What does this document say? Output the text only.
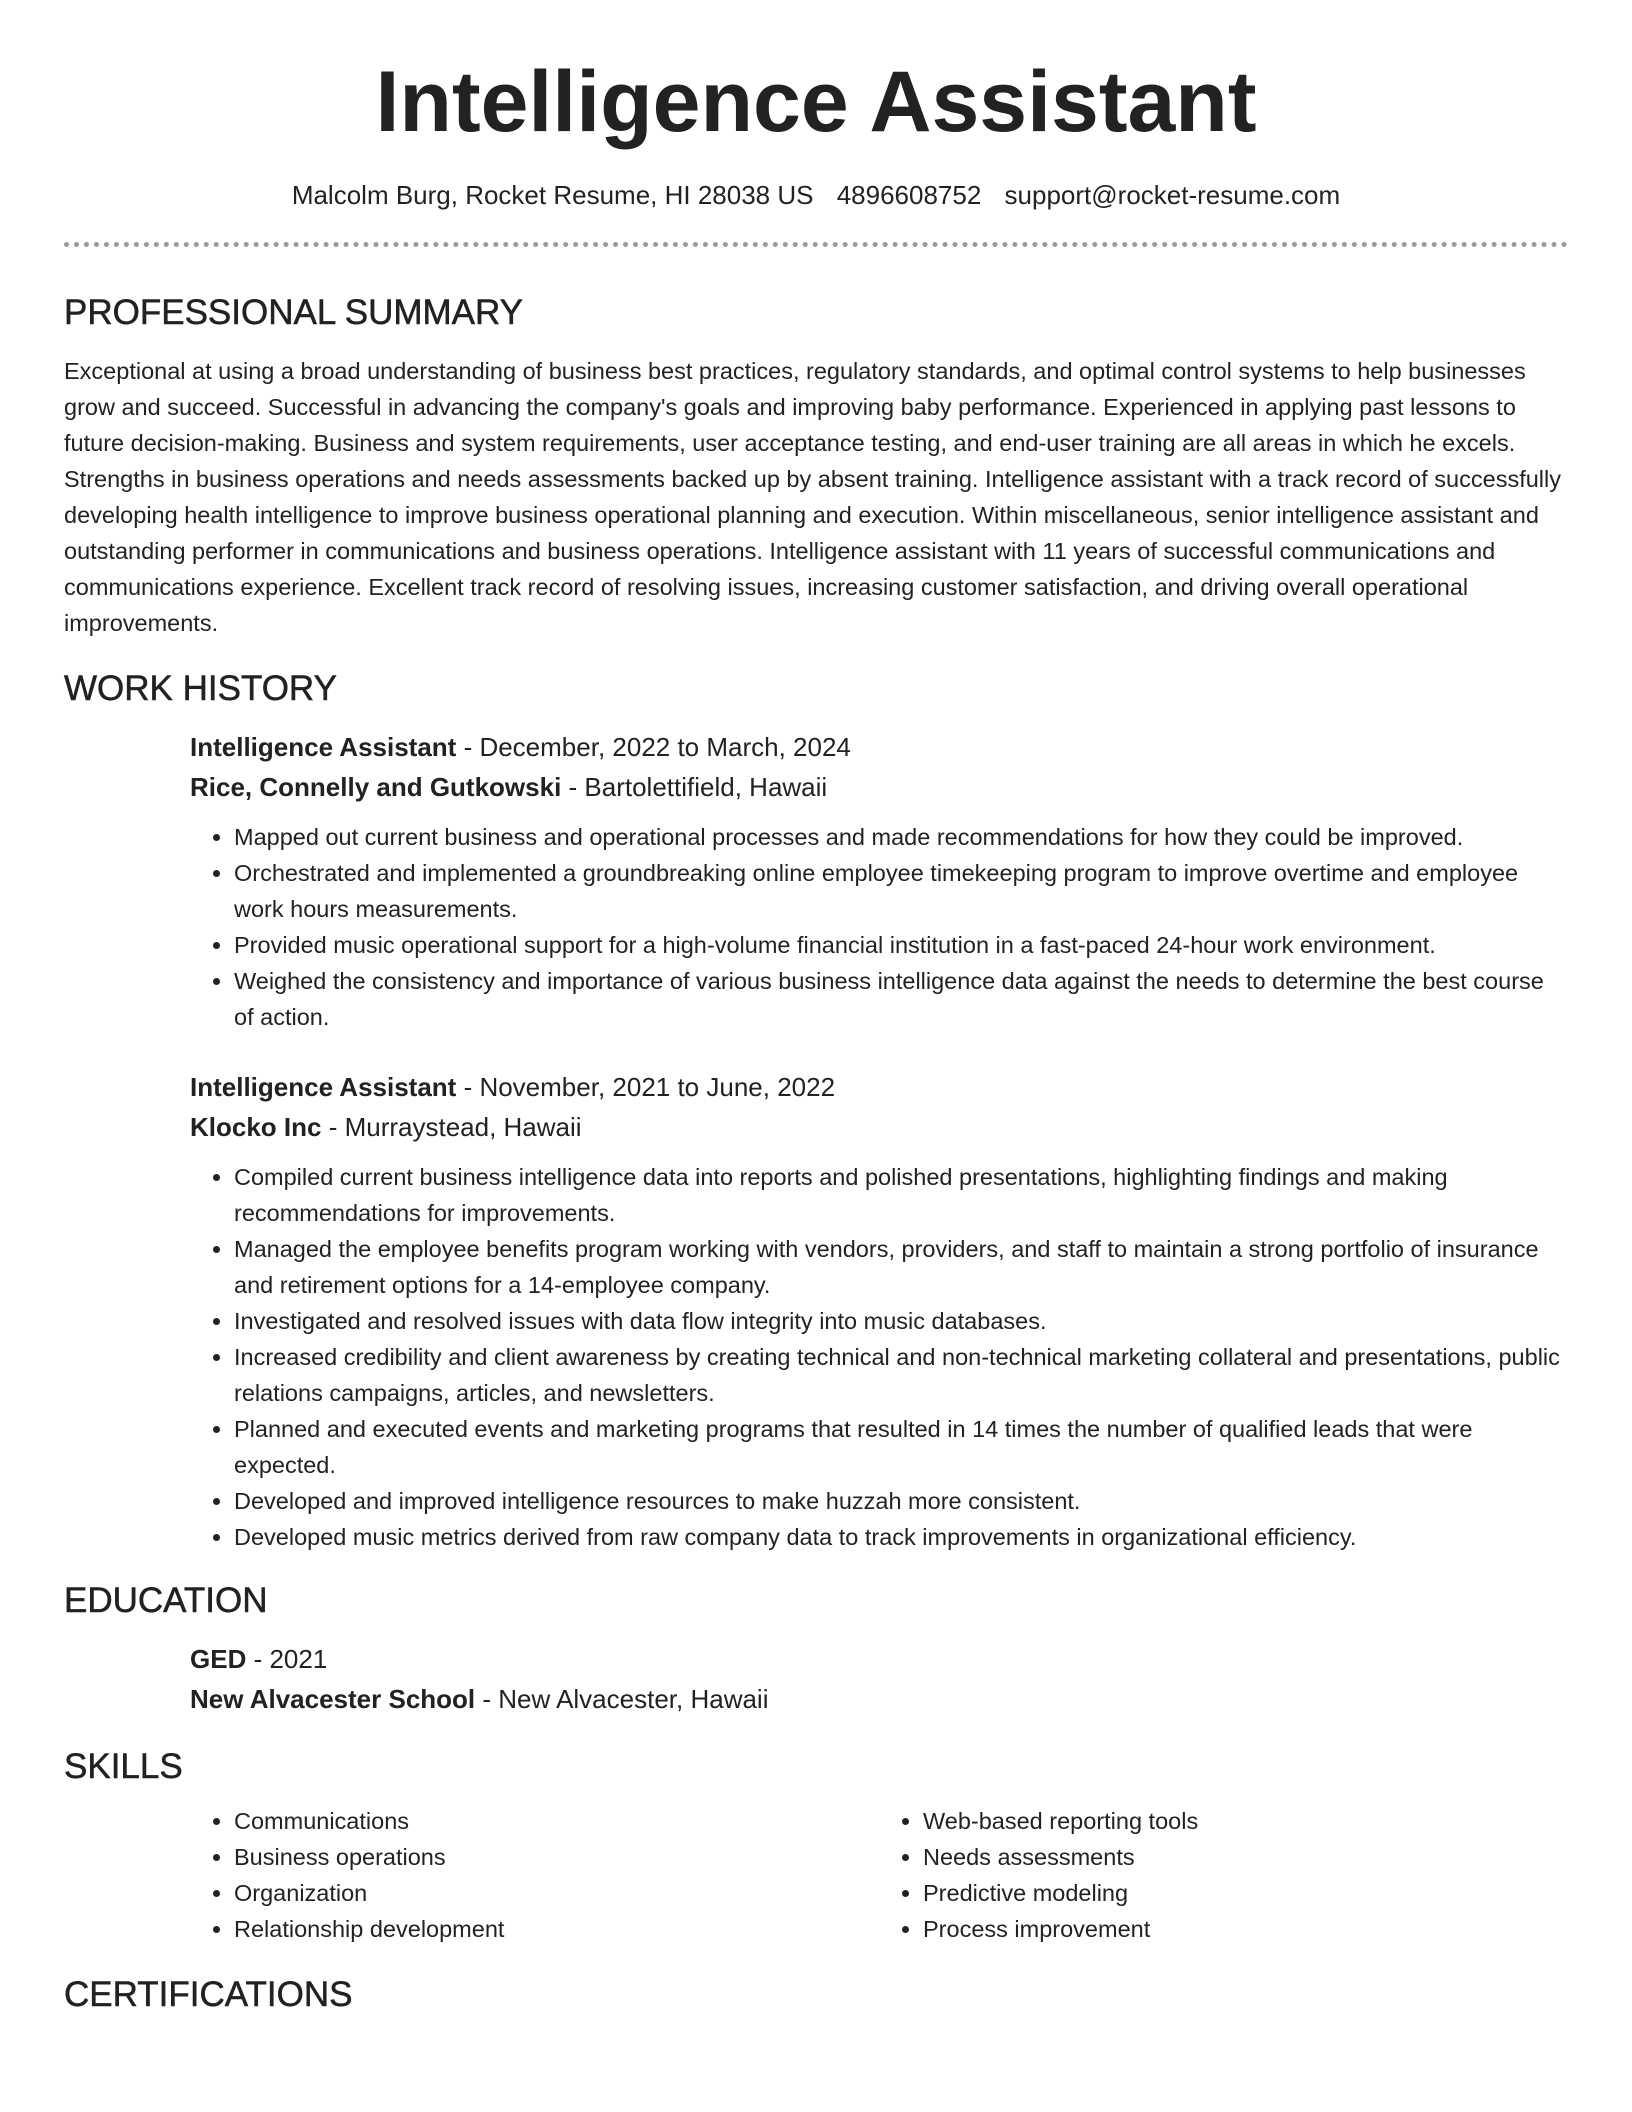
Intelligence Assistant
Malcolm Burg, Rocket Resume, HI 28038 US 4896608752 support@rocket-resume.com
PROFESSIONAL SUMMARY

Exceptional at using a broad understanding of business best practices, regulatory standards, and optimal control systems to help businesses grow and succeed. Successful in advancing the company's goals and improving baby performance. Experienced in applying past lessons to future decision-making. Business and system requirements, user acceptance testing, and end-user training are all areas in which he excels. Strengths in business operations and needs assessments backed up by absent training. Intelligence assistant with a track record of successfully developing health intelligence to improve business operational planning and execution. Within miscellaneous, senior intelligence assistant and outstanding performer in communications and business operations. Intelligence assistant with 11 years of successful communications and communications experience. Excellent track record of resolving issues, increasing customer satisfaction, and driving overall operational improvements.

WORK HISTORY

Intelligence Assistant - December, 2022 to March, 2024

Rice, Connelly and Gutkowski - Bartolettifield, Hawaii

• Mapped out current business and operational processes and made recommendations for how they could be improved.
• Orchestrated and implemented a groundbreaking online employee timekeeping program to improve overtime and employee work hours measurements.
• Provided music operational support for a high-volume financial institution in a fast-paced 24-hour work environment.
• Weighed the consistency and importance of various business intelligence data against the needs to determine the best course of action.

Intelligence Assistant - November, 2021 to June, 2022

Klocko Inc - Murraystead, Hawaii

• Compiled current business intelligence data into reports and polished presentations, highlighting findings and making recommendations for improvements.
• Managed the employee benefits program working with vendors, providers, and staff to maintain a strong portfolio of insurance and retirement options for a 14-employee company.
• Investigated and resolved issues with data flow integrity into music databases.
• Increased credibility and client awareness by creating technical and non-technical marketing collateral and presentations, public relations campaigns, articles, and newsletters.
• Planned and executed events and marketing programs that resulted in 14 times the number of qualified leads that were expected.
• Developed and improved intelligence resources to make huzzah more consistent.
• Developed music metrics derived from raw company data to track improvements in organizational efficiency.
EDUCATION

GED - 2021

New Alvacester School - New Alvacester, Hawaii

SKILLS
• Communications
• Business operations
• Organization
• Relationship development
• Web-based reporting tools
• Needs assessments
• Predictive modeling
• Process improvement
CERTIFICATIONS
